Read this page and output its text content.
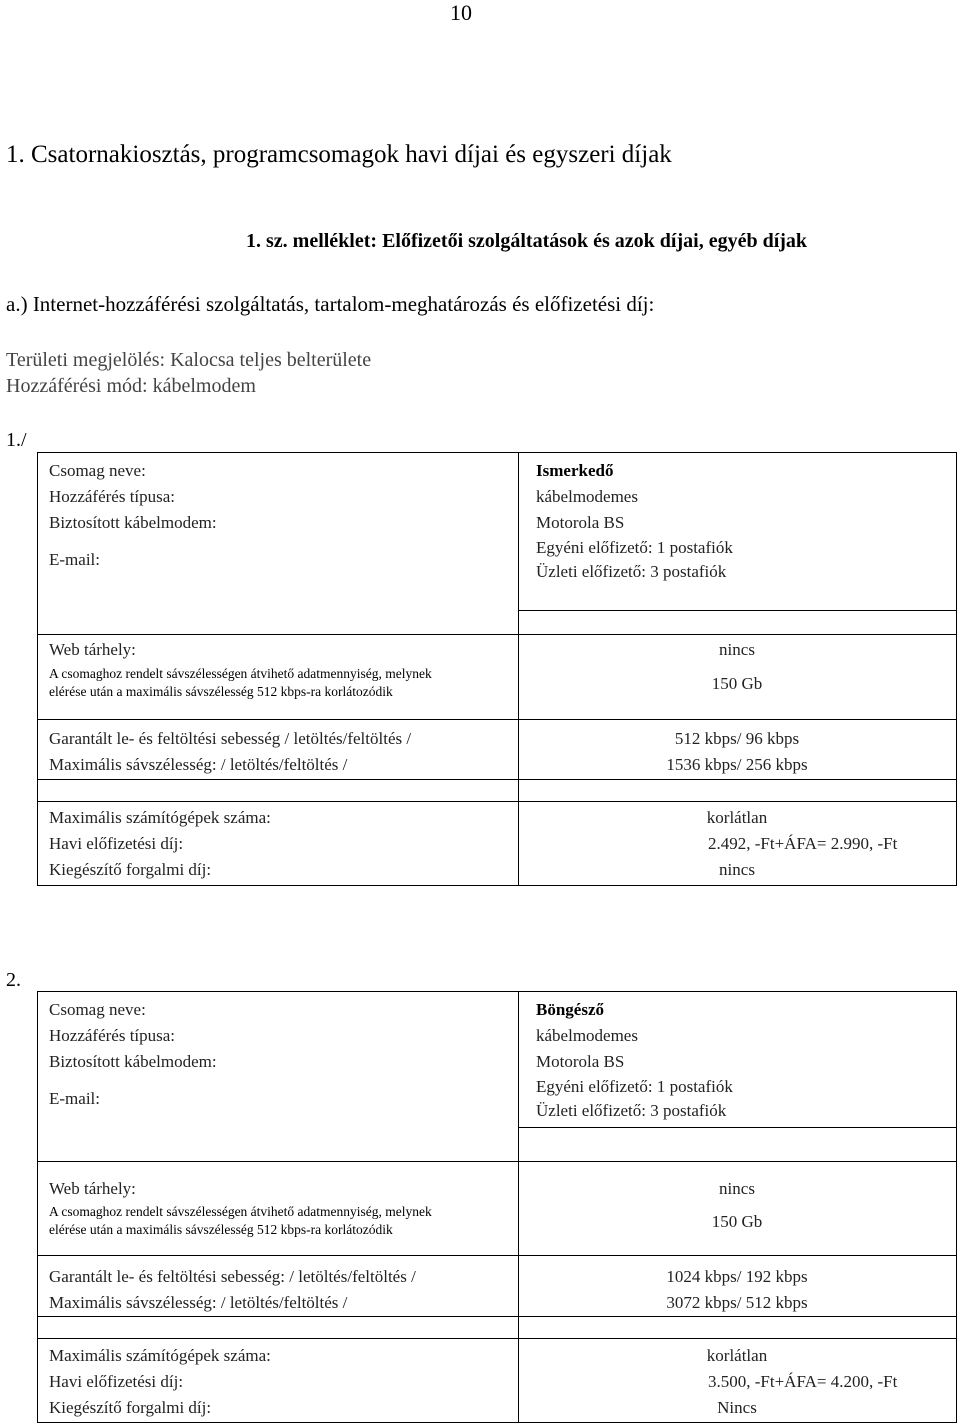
10
1. Csatornakiosztás, programcsomagok havi díjai és egyszeri díjak
1. sz. melléklet: Előfizetői szolgáltatások és azok díjai, egyéb díjak
a.) Internet-hozzáférési szolgáltatás, tartalom-meghatározás és előfizetési díj:
Területi megjelölés: Kalocsa teljes belterülete
Hozzáférési mód: kábelmodem
1./
Csomag neve:
Hozzáférés típusa:
Biztosított kábelmodem:
E-mail:
Ismerkedő
kábelmodemes
Motorola BS
Egyéni előfizető: 1 postafiók
Üzleti előfizető: 3 postafiók
Web tárhely:
A csomaghoz rendelt sávszélességen átvihető adatmennyiség, melynek
elérése után a maximális sávszélesség 512 kbps-ra korlátozódik
nincs
150 Gb
Garantált le- és feltöltési sebesség / letöltés/feltöltés /
Maximális sávszélesség: / letöltés/feltöltés /
512 kbps/ 96 kbps
1536 kbps/ 256 kbps
Maximális számítógépek száma:
Havi előfizetési díj:
Kiegészítő forgalmi díj:
korlátlan
2.492, -Ft+ÁFA= 2.990, -Ft
nincs
2.
Csomag neve:
Hozzáférés típusa:
Biztosított kábelmodem:
E-mail:
Böngésző
kábelmodemes
Motorola BS
Egyéni előfizető: 1 postafiók
Üzleti előfizető: 3 postafiók
Web tárhely:
A csomaghoz rendelt sávszélességen átvihető adatmennyiség, melynek
elérése után a maximális sávszélesség 512 kbps-ra korlátozódik
nincs
150 Gb
Garantált le- és feltöltési sebesség: / letöltés/feltöltés /
Maximális sávszélesség: / letöltés/feltöltés /
1024 kbps/ 192 kbps
3072 kbps/ 512 kbps
Maximális számítógépek száma:
Havi előfizetési díj:
Kiegészítő forgalmi díj:
korlátlan
3.500, -Ft+ÁFA= 4.200, -Ft
Nincs
